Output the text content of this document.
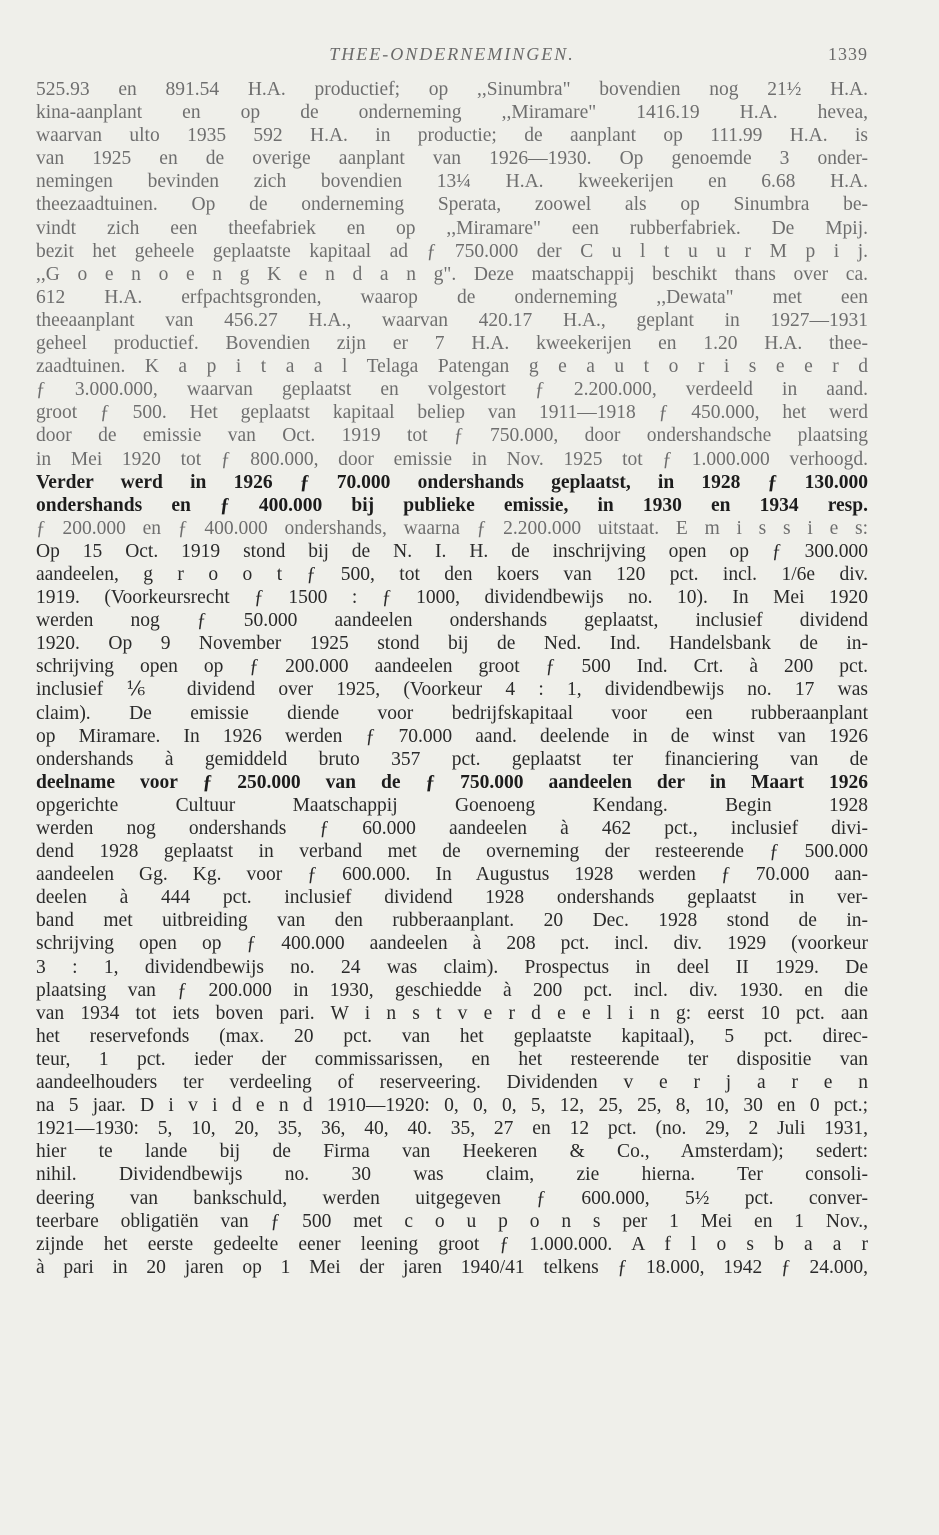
THEE-ONDERNEMINGEN.	1339
525.93 en 891.54 H.A. productief; op ,,Sinumbra" bovendien nog 21½ H.A.
kina-aanplant en op de onderneming ,,Miramare" 1416.19 H.A. hevea,
waarvan ulto 1935 592 H.A. in productie; de aanplant op 111.99 H.A. is
van 1925 en de overige aanplant van 1926—1930. Op genoemde 3 onder-
nemingen bevinden zich bovendien 13¼ H.A. kweekerijen en 6.68 H.A.
theezaadtuinen. Op de onderneming Sperata, zoowel als op Sinumbra be-
vindt zich een theefabriek en op ,,Miramare" een rubberfabriek. De Mpij.
bezit het geheele geplaatste kapitaal ad ƒ 750.000 der C u l t u u r M p i j.
,,G o e n o e n g K e n d a n g". Deze maatschappij beschikt thans over ca.
612 H.A. erfpachtsgronden, waarop de onderneming ,,Dewata" met een
theeaanplant van 456.27 H.A., waarvan 420.17 H.A., geplant in 1927—1931
geheel productief. Bovendien zijn er 7 H.A. kweekerijen en 1.20 H.A. thee-
zaadtuinen. K a p i t a a l Telaga Patengan g e a u t o r i s e e r d
ƒ 3.000.000, waarvan geplaatst en volgestort ƒ 2.200.000, verdeeld in aand.
groot ƒ 500. Het geplaatst kapitaal beliep van 1911—1918 ƒ 450.000, het werd
door de emissie van Oct. 1919 tot ƒ 750.000, door ondershandsche plaatsing
in Mei 1920 tot ƒ 800.000, door emissie in Nov. 1925 tot ƒ 1.000.000 verhoogd.
Verder werd in 1926 ƒ 70.000 ondershands geplaatst, in 1928 ƒ 130.000
ondershands en ƒ 400.000 bij publieke emissie, in 1930 en 1934 resp.
ƒ 200.000 en ƒ 400.000 ondershands, waarna ƒ 2.200.000 uitstaat. E m i s s i e s:
Op 15 Oct. 1919 stond bij de N. I. H. de inschrijving open op ƒ 300.000
aandeelen, g r o o t ƒ 500, tot den koers van 120 pct. incl. 1/6e div.
1919. (Voorkeursrecht ƒ 1500 : ƒ 1000, dividendbewijs no. 10). In Mei 1920
werden nog ƒ 50.000 aandeelen ondershands geplaatst, inclusief dividend
1920. Op 9 November 1925 stond bij de Ned. Ind. Handelsbank de in-
schrijving open op ƒ 200.000 aandeelen groot ƒ 500 Ind. Crt. à 200 pct.
inclusief ⅙ dividend over 1925, (Voorkeur 4 : 1, dividendbewijs no. 17 was
claim). De emissie diende voor bedrijfskapitaal voor een rubberaanplant
op Miramare. In 1926 werden ƒ 70.000 aand. deelende in de winst van 1926
ondershands à gemiddeld bruto 357 pct. geplaatst ter financiering van de
deelname voor ƒ 250.000 van de ƒ 750.000 aandeelen der in Maart 1926
opgerichte Cultuur Maatschappij Goenoeng Kendang. Begin 1928
werden nog ondershands ƒ 60.000 aandeelen à 462 pct., inclusief divi-
dend 1928 geplaatst in verband met de overneming der resteerende ƒ 500.000
aandeelen Gg. Kg. voor ƒ 600.000. In Augustus 1928 werden ƒ 70.000 aan-
deelen à 444 pct. inclusief dividend 1928 ondershands geplaatst in ver-
band met uitbreiding van den rubberaanplant. 20 Dec. 1928 stond de in-
schrijving open op ƒ 400.000 aandeelen à 208 pct. incl. div. 1929 (voorkeur
3 : 1, dividendbewijs no. 24 was claim). Prospectus in deel II 1929. De
plaatsing van ƒ 200.000 in 1930, geschiedde à 200 pct. incl. div. 1930. en die
van 1934 tot iets boven pari. W i n s t v e r d e e l i n g: eerst 10 pct. aan
het reservefonds (max. 20 pct. van het geplaatste kapitaal), 5 pct. direc-
teur, 1 pct. ieder der commissarissen, en het resteerende ter dispositie van
aandeelhouders ter verdeeling of reserveering. Dividenden v e r j a r e n
na 5 jaar. D i v i d e n d 1910—1920: 0, 0, 0, 5, 12, 25, 25, 8, 10, 30 en 0 pct.;
1921—1930: 5, 10, 20, 35, 36, 40, 40. 35, 27 en 12 pct. (no. 29, 2 Juli 1931,
hier te lande bij de Firma van Heekeren & Co., Amsterdam); sedert:
nihil. Dividendbewijs no. 30 was claim, zie hierna. Ter consoli-
deering van bankschuld, werden uitgegeven ƒ 600.000, 5½ pct. conver-
teerbare obligatiën van ƒ 500 met c o u p o n s per 1 Mei en 1 Nov.,
zijnde het eerste gedeelte eener leening groot ƒ 1.000.000. A f l o s b a a r
à pari in 20 jaren op 1 Mei der jaren 1940/41 telkens ƒ 18.000, 1942 ƒ 24.000,
